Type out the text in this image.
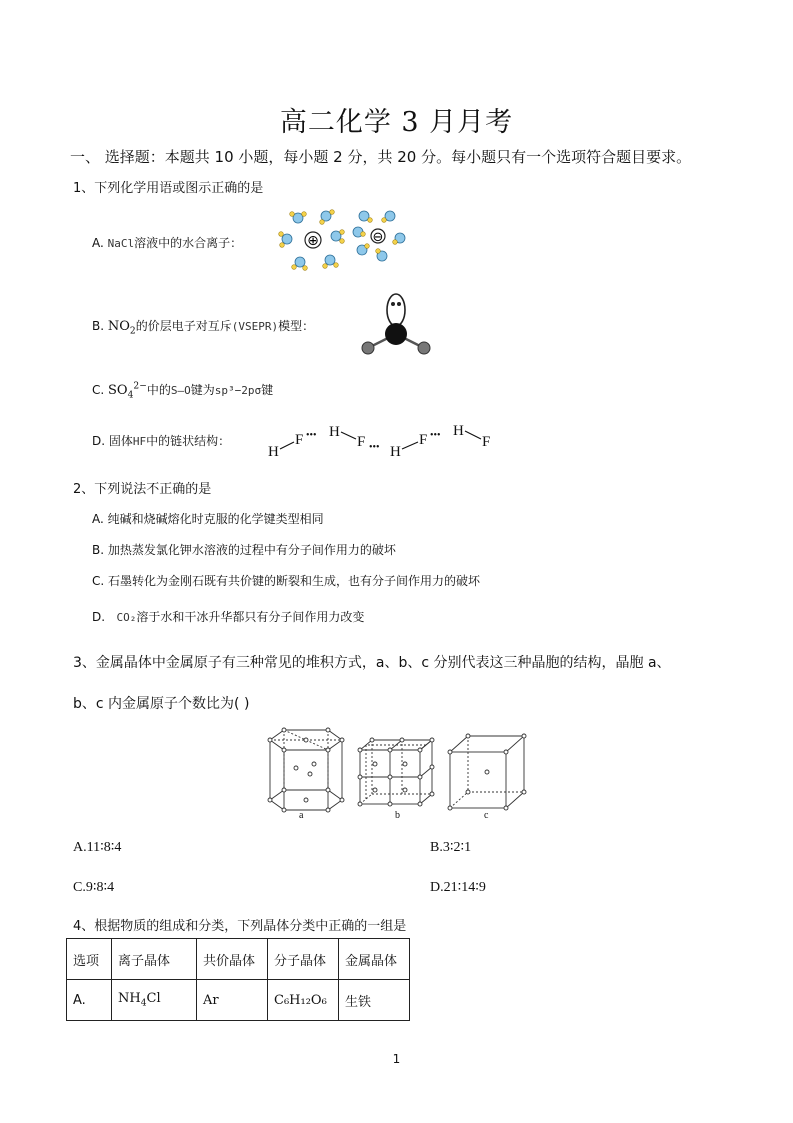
高二化学 3 月月考
一、 选择题：本题共 10 小题，每小题 2 分，共 20 分。每小题只有一个选项符合题目要求。
1、下列化学用语或图示正确的是
A. NaCl溶液中的水合离子：	⊕	⊖
B. $NO_2$的价层电子对互斥(VSEPR)模型：
C. $SO_4^{2-}$中的S–O键为sp³−2pσ键
D. 固体HF中的链状结构：
H
F ••• H
F ••• H
F ••• H
F
2、下列说法不正确的是
A. 纯碱和烧碱熔化时克服的化学键类型相同
B. 加热蒸发氯化钾水溶液的过程中有分子间作用力的破坏
C. 石墨转化为金刚石既有共价键的断裂和生成，也有分子间作用力的破坏
D. CO₂溶于水和干冰升华都只有分子间作用力改变
3、金属晶体中金属原子有三种常见的堆积方式，a、b、c 分别代表这三种晶胞的结构，晶胞 a、
b、c 内金属原子个数比为( )
a	b	c
A.11∶8∶4	B.3∶2∶1
C.9∶8∶4	D.21∶14∶9
4、根据物质的组成和分类，下列晶体分类中正确的一组是
选项	离子晶体	共价晶体	分子晶体	金属晶体
A.	$NH_4Cl$	Ar	C₆H₁₂O₆	生铁
1
